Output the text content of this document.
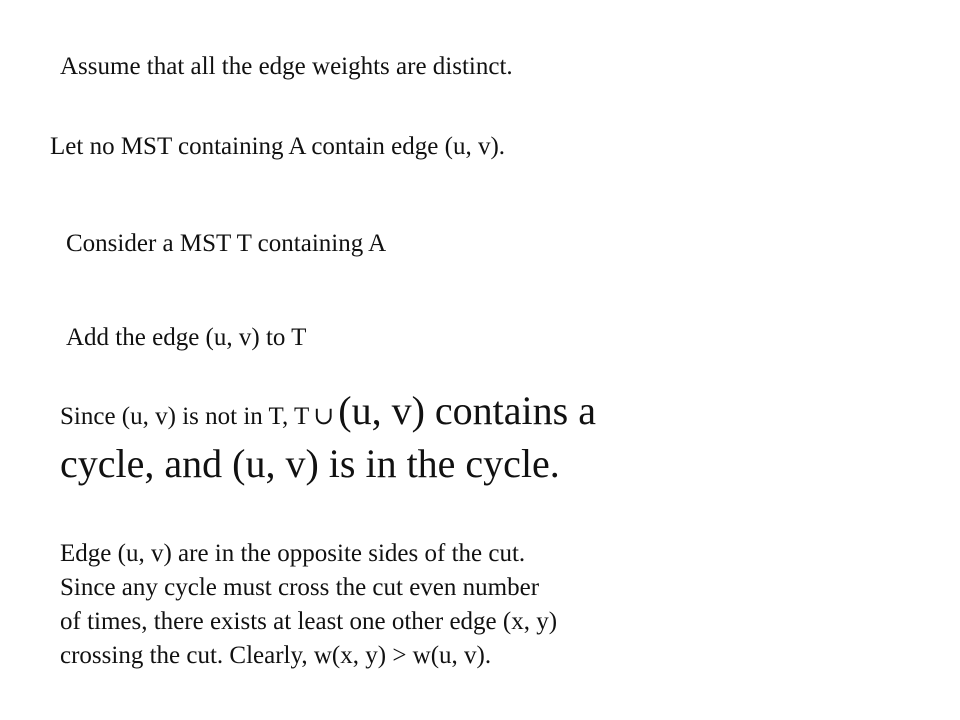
Assume that all the edge weights are distinct.

Let no MST containing A contain edge (u, v).

Consider a MST T containing A

Add the edge (u, v) to T

Since (u, v) is not in T, T ∪ (u, v) contains a

cycle, and (u, v) is in the cycle.

Edge (u, v) are in the opposite sides of the cut.
Since any cycle must cross the cut even number
of times, there exists at least one other edge (x, y)
crossing the cut. Clearly, w(x, y) > w(u, v).
